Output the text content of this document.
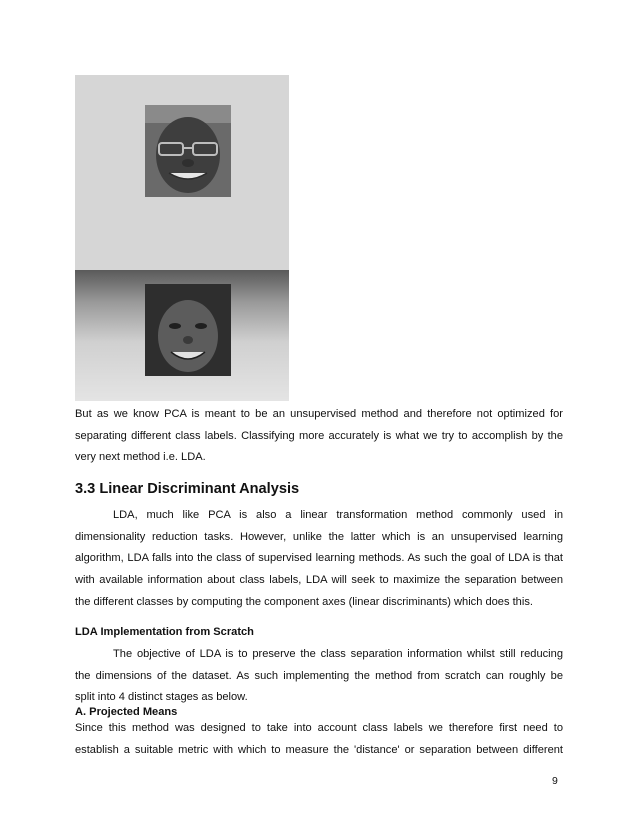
But as we know PCA is meant to be an unsupervised method and therefore not optimized for

separating different class labels. Classifying more accurately is what we try to accomplish by the

very next method i.e. LDA.

3.3 Linear Discriminant Analysis

LDA, much like PCA is also a linear transformation method commonly used in

dimensionality reduction tasks. However, unlike the latter which is an unsupervised learning

algorithm, LDA falls into the class of supervised learning methods. As such the goal of LDA is that

with available information about class labels, LDA will seek to maximize the separation between

the different classes by computing the component axes (linear discriminants) which does this.

LDA Implementation from Scratch

The objective of LDA is to preserve the class separation information whilst still reducing

the dimensions of the dataset. As such implementing the method from scratch can roughly be

split into 4 distinct stages as below.

A. Projected Means

Since this method was designed to take into account class labels we therefore first need to

establish a suitable metric with which to measure the 'distance' or separation between different

9
